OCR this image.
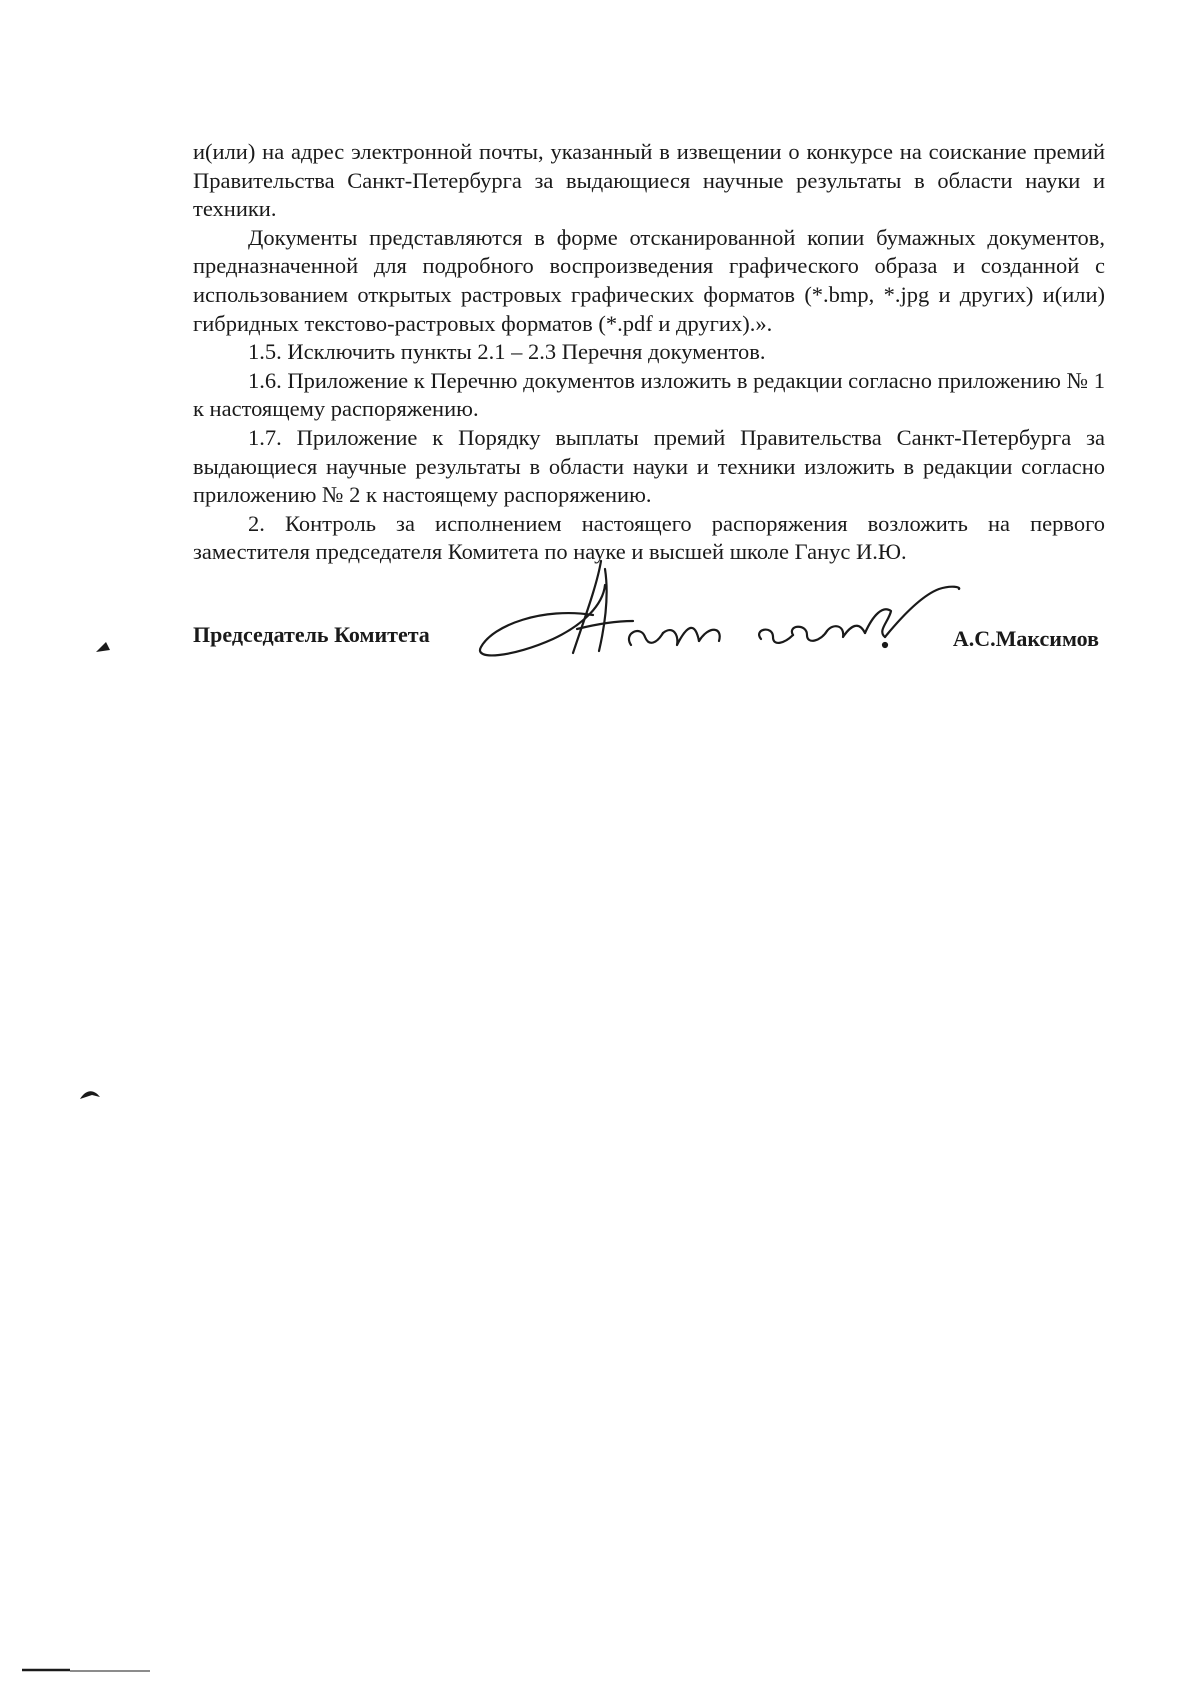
и(или) на адрес электронной почты, указанный в извещении о конкурсе на соискание премий Правительства Санкт-Петербурга за выдающиеся научные результаты в области науки и техники.

Документы представляются в форме отсканированной копии бумажных документов, предназначенной для подробного воспроизведения графического образа и созданной с использованием открытых растровых графических форматов (*.bmp, *.jpg и других) и(или) гибридных текстово-растровых форматов (*.pdf и других).».

1.5. Исключить пункты 2.1 – 2.3 Перечня документов.

1.6. Приложение к Перечню документов изложить в редакции согласно приложению № 1 к настоящему распоряжению.

1.7. Приложение к Порядку выплаты премий Правительства Санкт-Петербурга за выдающиеся научные результаты в области науки и техники изложить в редакции согласно приложению № 2 к настоящему распоряжению.

2. Контроль за исполнением настоящего распоряжения возложить на первого заместителя председателя Комитета по науке и высшей школе Ганус И.Ю.

Председатель Комитета	А.С.Максимов
